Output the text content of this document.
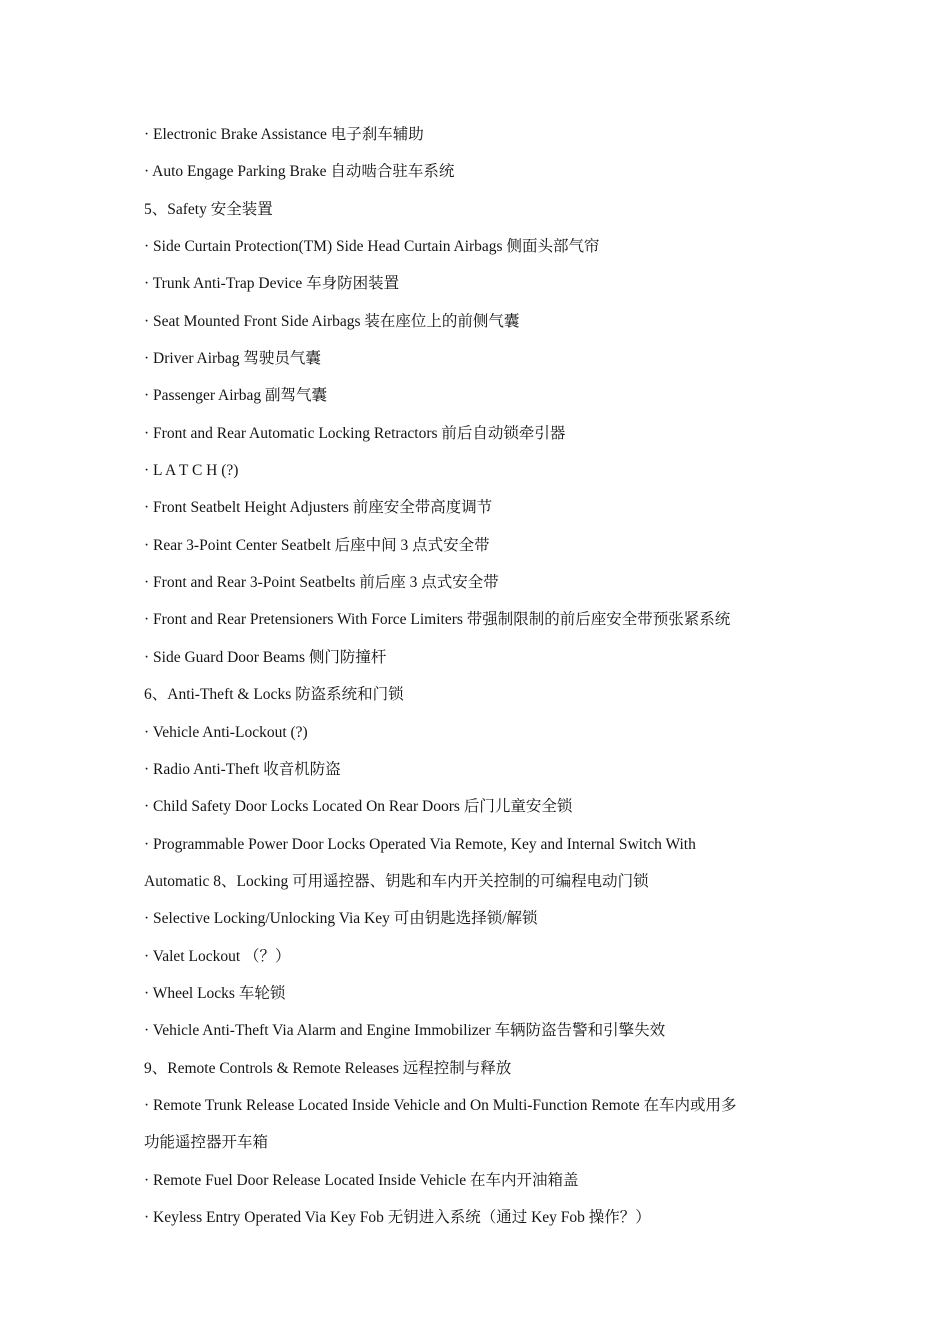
· Electronic Brake Assistance 电子刹车辅助
· Auto Engage Parking Brake 自动啮合驻车系统
5、Safety 安全装置
· Side Curtain Protection(TM) Side Head Curtain Airbags 侧面头部气帘
· Trunk Anti-Trap Device 车身防困装置
· Seat Mounted Front Side Airbags 装在座位上的前侧气囊
· Driver Airbag 驾驶员气囊
· Passenger Airbag 副驾气囊
· Front and Rear Automatic Locking Retractors 前后自动锁牵引器
· L A T C H (?)
· Front Seatbelt Height Adjusters 前座安全带高度调节
· Rear 3-Point Center Seatbelt 后座中间 3 点式安全带
· Front and Rear 3-Point Seatbelts 前后座 3 点式安全带
· Front and Rear Pretensioners With Force Limiters 带强制限制的前后座安全带预张紧系统
· Side Guard Door Beams 侧门防撞杆
6、Anti-Theft & Locks 防盗系统和门锁
· Vehicle Anti-Lockout (?)
· Radio Anti-Theft 收音机防盗
· Child Safety Door Locks Located On Rear Doors 后门儿童安全锁
· Programmable Power Door Locks Operated Via Remote, Key and Internal Switch With
Automatic 8、Locking 可用遥控器、钥匙和车内开关控制的可编程电动门锁
· Selective Locking/Unlocking Via Key 可由钥匙选择锁/解锁
· Valet Lockout （？）
· Wheel Locks 车轮锁
· Vehicle Anti-Theft Via Alarm and Engine Immobilizer 车辆防盗告警和引擎失效
9、Remote Controls & Remote Releases 远程控制与释放
· Remote Trunk Release Located Inside Vehicle and On Multi-Function Remote 在车内或用多
功能遥控器开车箱
· Remote Fuel Door Release Located Inside Vehicle 在车内开油箱盖
· Keyless Entry Operated Via Key Fob 无钥进入系统（通过 Key Fob 操作？）
